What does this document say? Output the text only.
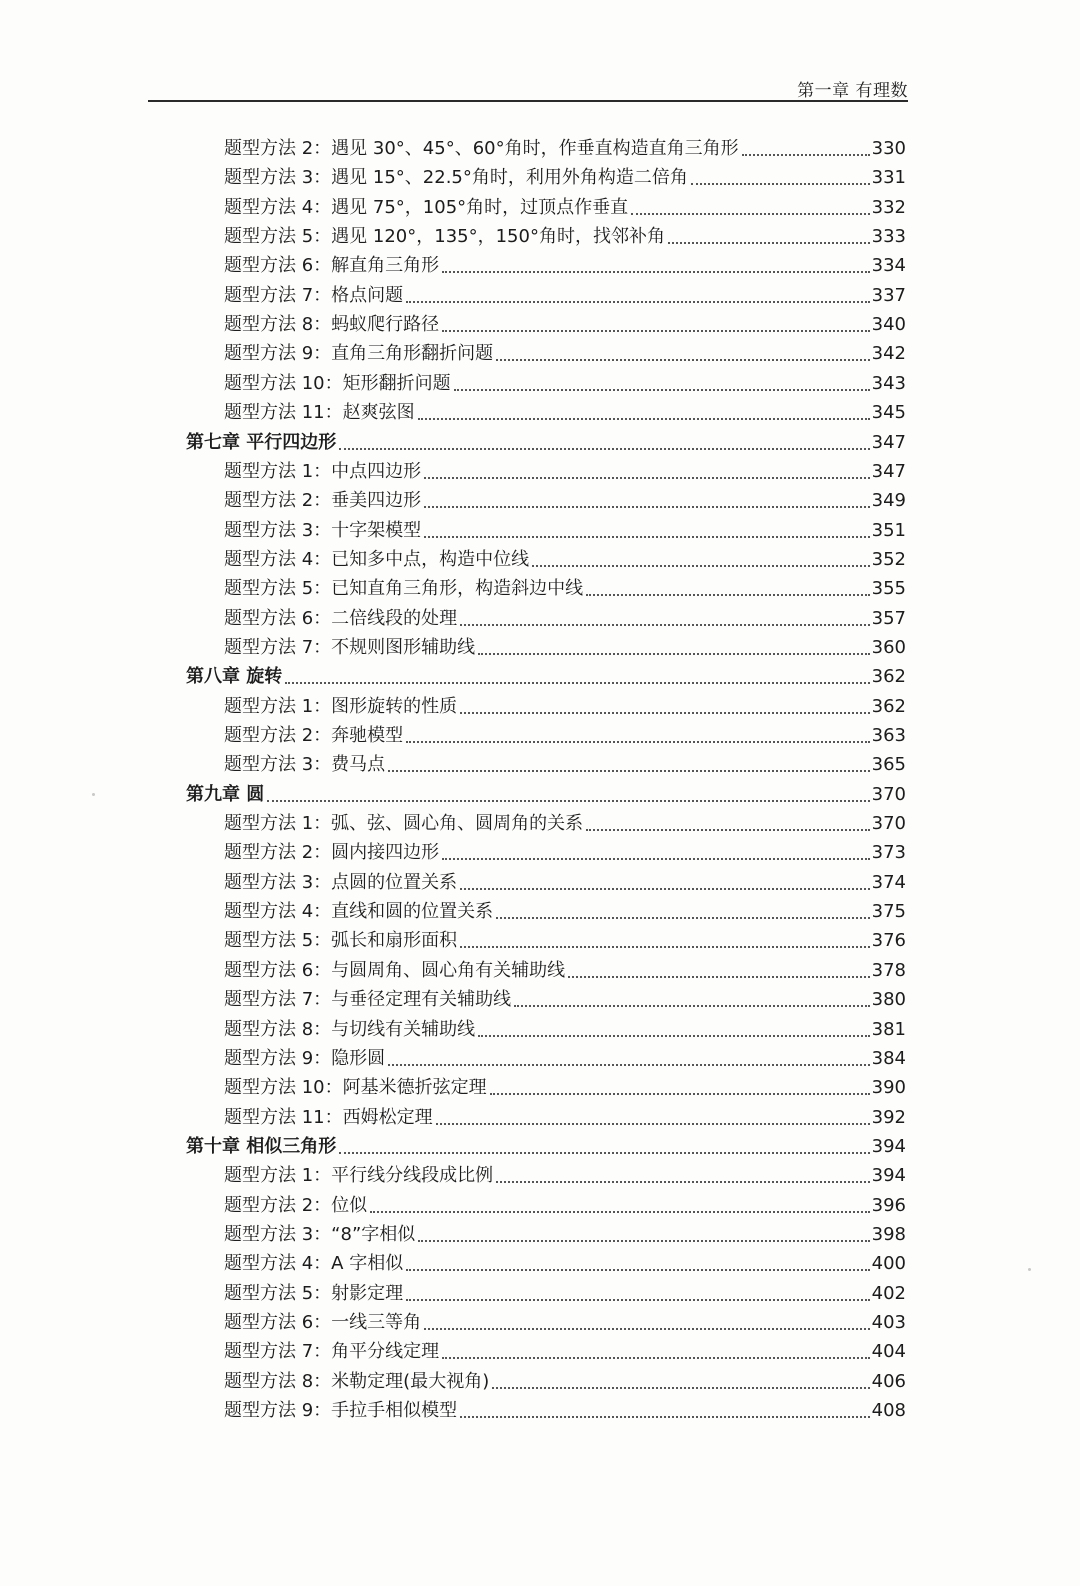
第一章 有理数
题型方法 2：遇见 30°、45°、60°角时，作垂直构造直角三角形	330
题型方法 3：遇见 15°、22.5°角时，利用外角构造二倍角	331
题型方法 4：遇见 75°，105°角时，过顶点作垂直	332
题型方法 5：遇见 120°，135°，150°角时，找邻补角	333
题型方法 6：解直角三角形	334
题型方法 7：格点问题	337
题型方法 8：蚂蚁爬行路径	340
题型方法 9：直角三角形翻折问题	342
题型方法 10：矩形翻折问题	343
题型方法 11：赵爽弦图	345
第七章 平行四边形	347
题型方法 1：中点四边形	347
题型方法 2：垂美四边形	349
题型方法 3：十字架模型	351
题型方法 4：已知多中点，构造中位线	352
题型方法 5：已知直角三角形，构造斜边中线	355
题型方法 6：二倍线段的处理	357
题型方法 7：不规则图形辅助线	360
第八章 旋转	362
题型方法 1：图形旋转的性质	362
题型方法 2：奔驰模型	363
题型方法 3：费马点	365
第九章 圆	370
题型方法 1：弧、弦、圆心角、圆周角的关系	370
题型方法 2：圆内接四边形	373
题型方法 3：点圆的位置关系	374
题型方法 4：直线和圆的位置关系	375
题型方法 5：弧长和扇形面积	376
题型方法 6：与圆周角、圆心角有关辅助线	378
题型方法 7：与垂径定理有关辅助线	380
题型方法 8：与切线有关辅助线	381
题型方法 9：隐形圆	384
题型方法 10：阿基米德折弦定理	390
题型方法 11：西姆松定理	392
第十章 相似三角形	394
题型方法 1：平行线分线段成比例	394
题型方法 2：位似	396
题型方法 3：“8”字相似	398
题型方法 4：A 字相似	400
题型方法 5：射影定理	402
题型方法 6：一线三等角	403
题型方法 7：角平分线定理	404
题型方法 8：米勒定理(最大视角)	406
题型方法 9：手拉手相似模型	408
